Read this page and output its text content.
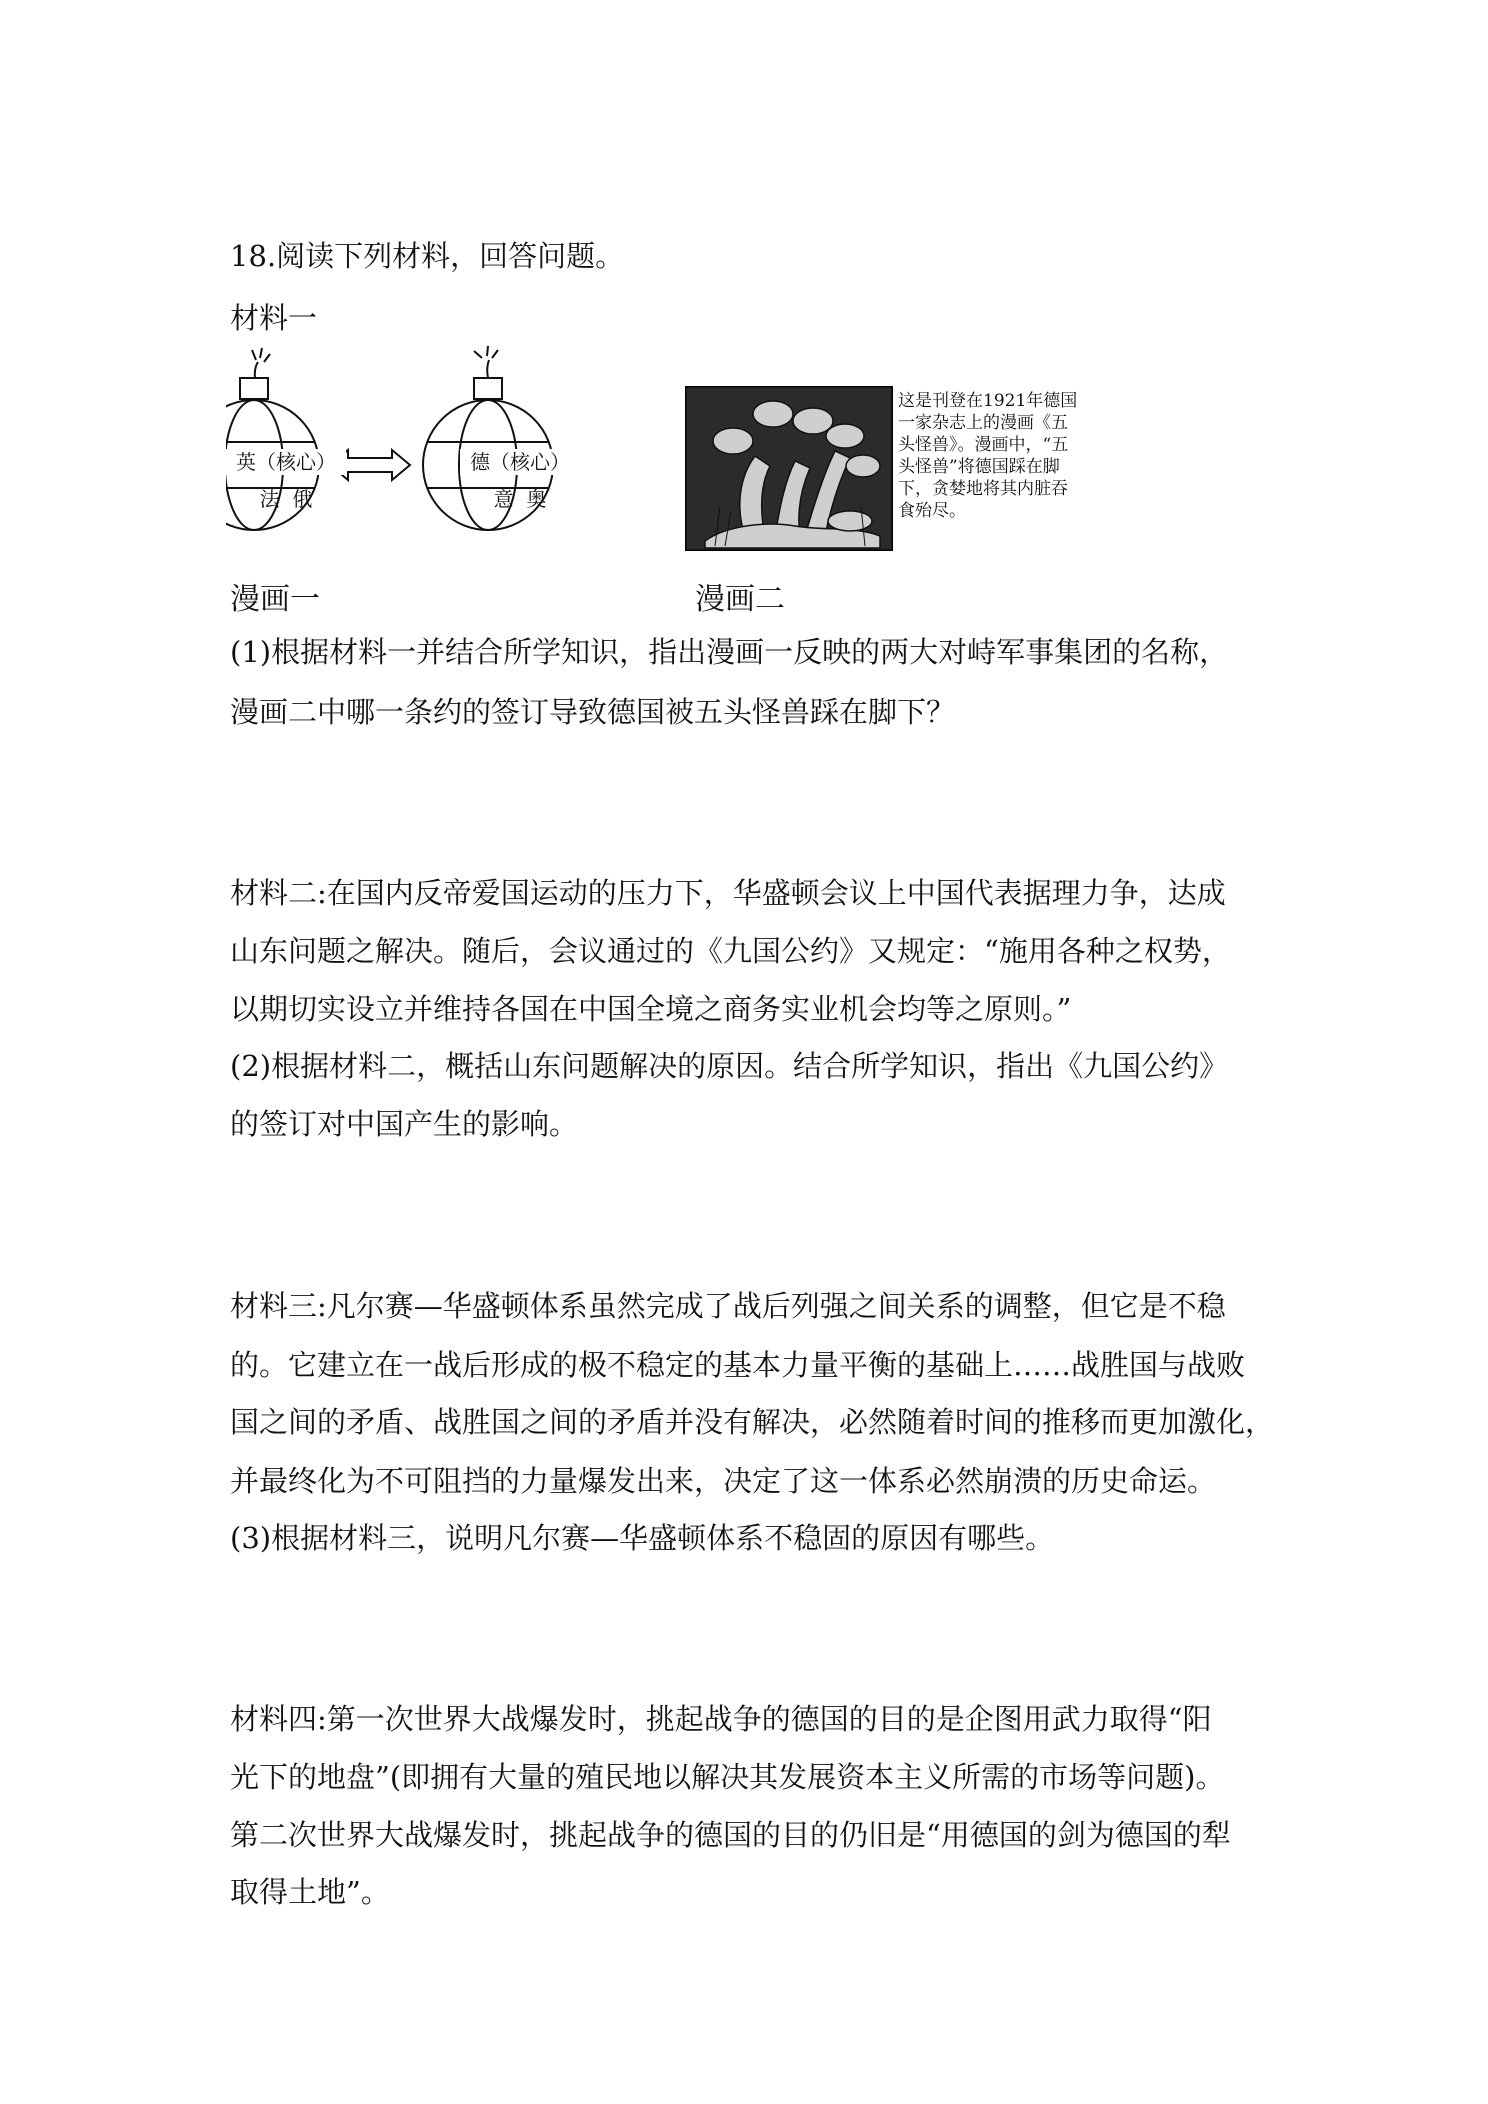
18.阅读下列材料，回答问题。
材料一
英（核心）
法  俄
德（核心）
意  奥
这是刊登在1921年德国
一家杂志上的漫画《五
头怪兽》。漫画中，“五
头怪兽”将德国踩在脚
下，贪婪地将其内脏吞
食殆尽。
漫画一	漫画二
(1)根据材料一并结合所学知识，指出漫画一反映的两大对峙军事集团的名称，
漫画二中哪一条约的签订导致德国被五头怪兽踩在脚下？
材料二:在国内反帝爱国运动的压力下，华盛顿会议上中国代表据理力争，达成
山东问题之解决。随后，会议通过的《九国公约》又规定：“施用各种之权势，
以期切实设立并维持各国在中国全境之商务实业机会均等之原则。”
(2)根据材料二，概括山东问题解决的原因。结合所学知识，指出《九国公约》
的签订对中国产生的影响。
材料三:凡尔赛—华盛顿体系虽然完成了战后列强之间关系的调整，但它是不稳
的。它建立在一战后形成的极不稳定的基本力量平衡的基础上……战胜国与战败
国之间的矛盾、战胜国之间的矛盾并没有解决，必然随着时间的推移而更加激化，
并最终化为不可阻挡的力量爆发出来，决定了这一体系必然崩溃的历史命运。
(3)根据材料三，说明凡尔赛—华盛顿体系不稳固的原因有哪些。
材料四:第一次世界大战爆发时，挑起战争的德国的目的是企图用武力取得“阳
光下的地盘”(即拥有大量的殖民地以解决其发展资本主义所需的市场等问题)。
第二次世界大战爆发时，挑起战争的德国的目的仍旧是“用德国的剑为德国的犁
取得土地”。
